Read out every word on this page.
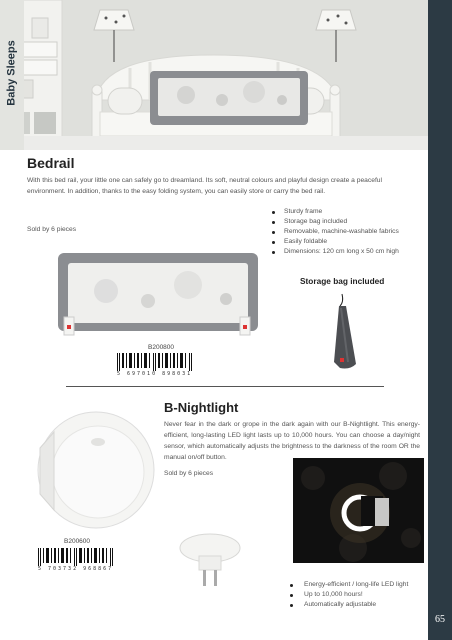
Baby Sleeps
65
Bedrail

With this bed rail, your little one can safely go to dreamland. Its soft, neutral colours and playful design create a peaceful environment. In addition, thanks to the easy folding system, you can easily store or carry the bed rail.

Sold by 6 pieces
Sturdy frame
Storage bag included
Removable, machine-washable fabrics
Easily foldable
Dimensions: 120 cm long x 50 cm high
Storage bag included
B200800
5 697010 898031
B-Nightlight

Never fear in the dark or grope in the dark again with our B-Nightlight. This energy-efficient, long-lasting LED light lasts up to 10,000 hours. You can choose a day/night sensor, which automatically adjusts the brightness to the darkness of the room OR the manual on/off button.

Sold by 6 pieces
B200600
5 703732 968867
Energy-efficient / long-life LED light
Up to 10,000 hours!
Automatically adjustable
